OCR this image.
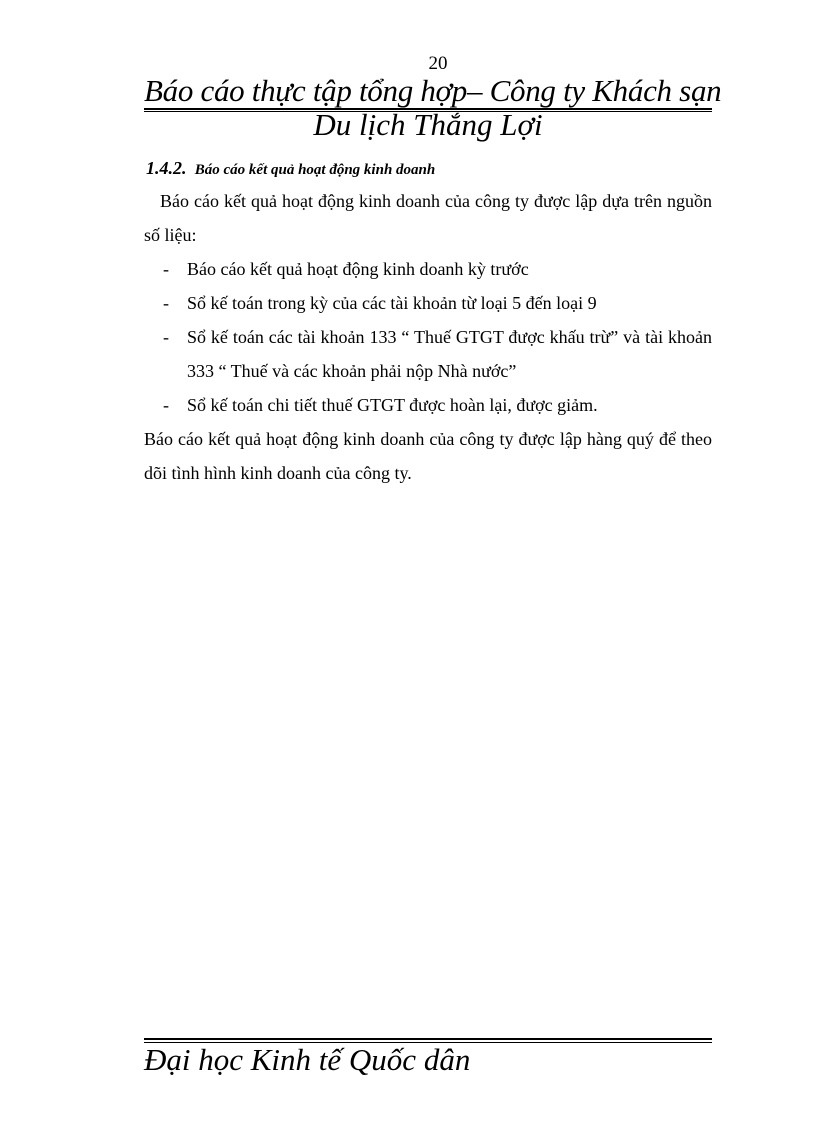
20
Báo cáo thực tập tổng hợp– Công ty Khách sạn
Du lịch Thắng Lợi
1.4.2. Báo cáo kết quả hoạt động kinh doanh

Báo cáo kết quả hoạt động kinh doanh của công ty được lập dựa trên nguồn số liệu:

- Báo cáo kết quả hoạt động kinh doanh kỳ trước
- Sổ kế toán trong kỳ của các tài khoản từ loại 5 đến loại 9
- Sổ kế toán các tài khoản 133 “ Thuế GTGT được khấu trừ” và tài khoản 333 “ Thuế và các khoản phải nộp Nhà nước”
- Sổ kế toán chi tiết thuế GTGT được hoàn lại, được giảm.

Báo cáo kết quả hoạt động kinh doanh của công ty được lập hàng quý để theo dõi tình hình kinh doanh của công ty.

Đại học Kinh tế Quốc dân
